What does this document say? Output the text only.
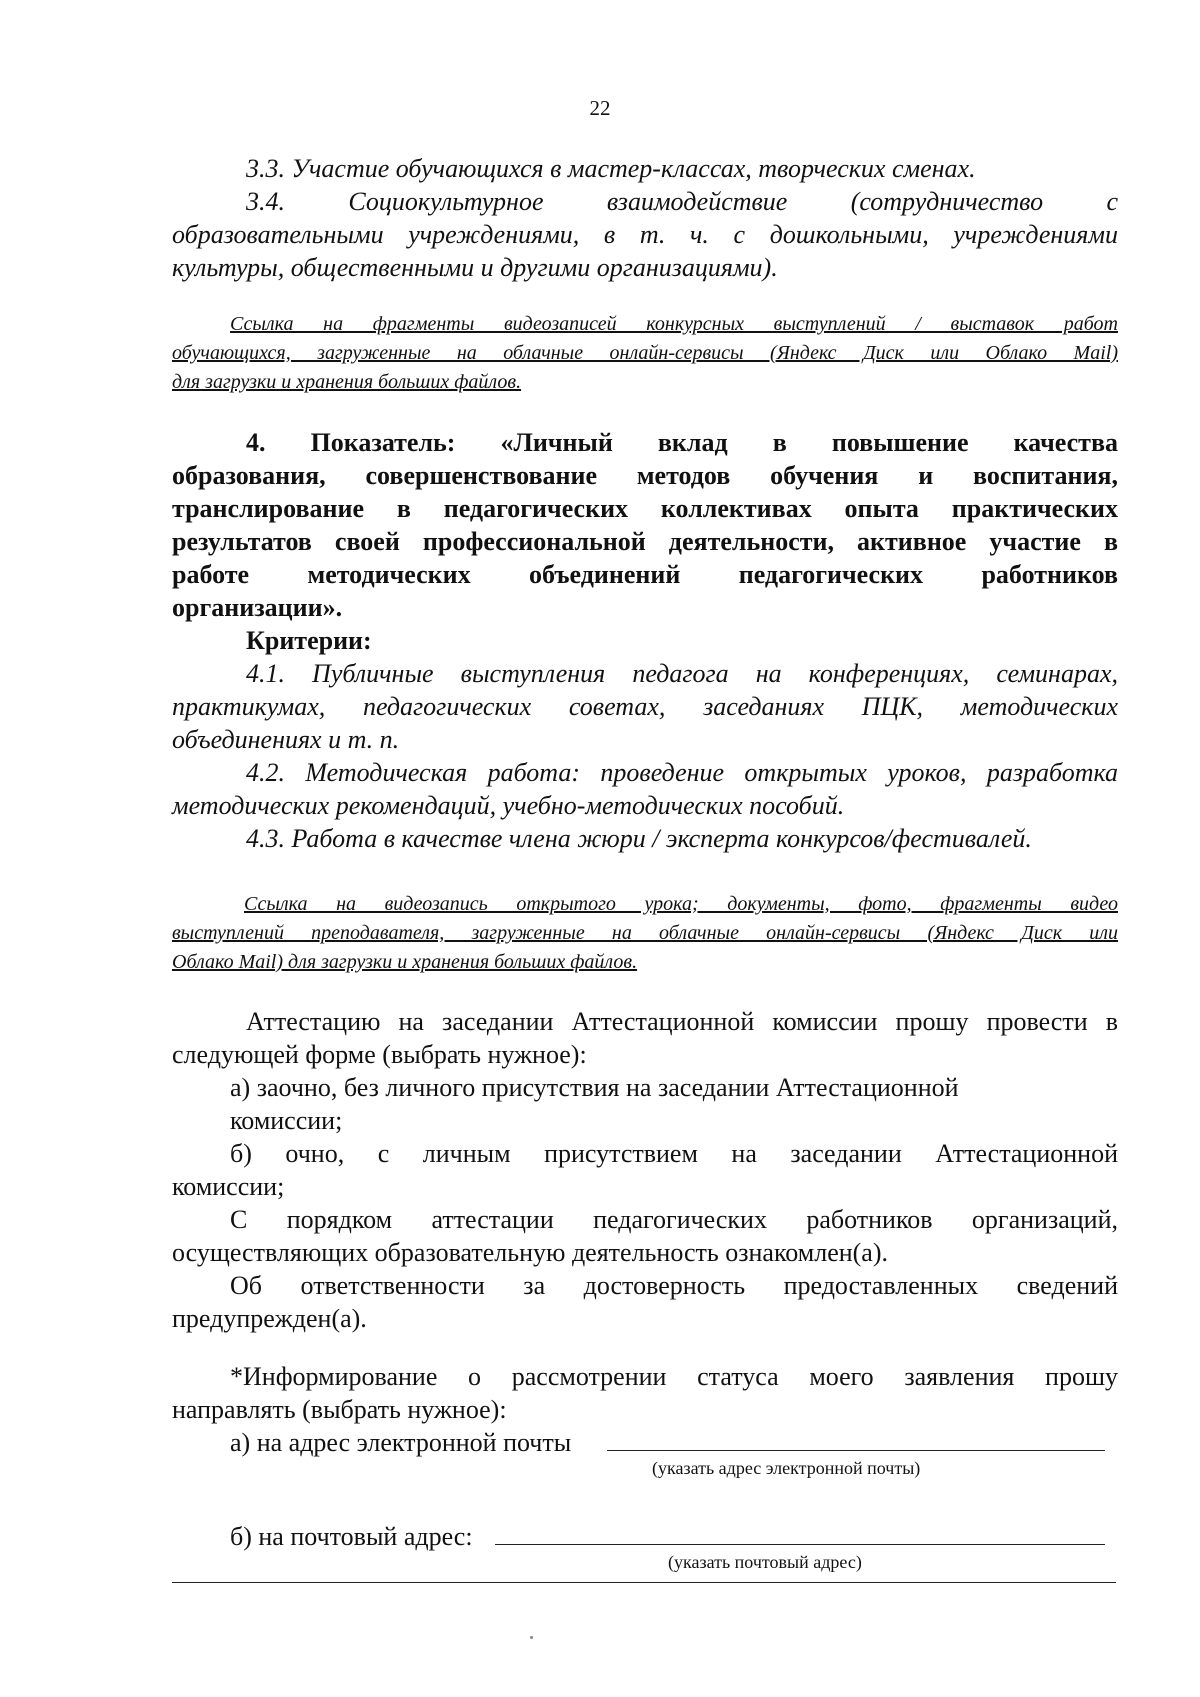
22
3.3. Участие обучающихся в мастер-классах, творческих сменах.
3.4. Социокультурное взаимодействие (сотрудничество с
образовательными учреждениями, в т. ч. с дошкольными, учреждениями
культуры, общественными и другими организациями).
Ссылка на фрагменты видеозаписей конкурсных выступлений / выставок работ
обучающихся, загруженные на облачные онлайн-сервисы (Яндекс Диск или Облако Mail)
для загрузки и хранения больших файлов.
4. Показатель: «Личный вклад в повышение качества
образования, совершенствование методов обучения и воспитания,
транслирование в педагогических коллективах опыта практических
результатов своей профессиональной деятельности, активное участие в
работе методических объединений педагогических работников
организации».
Критерии:
4.1. Публичные выступления педагога на конференциях, семинарах,
практикумах, педагогических советах, заседаниях ПЦК, методических
объединениях и т. п.
4.2. Методическая работа: проведение открытых уроков, разработка
методических рекомендаций, учебно-методических пособий.
4.3. Работа в качестве члена жюри / эксперта конкурсов/фестивалей.
Ссылка на видеозапись открытого урока; документы, фото, фрагменты видео
выступлений преподавателя, загруженные на облачные онлайн-сервисы (Яндекс Диск или
Облако Mail) для загрузки и хранения больших файлов.
Аттестацию на заседании Аттестационной комиссии прошу провести в
следующей форме (выбрать нужное):
а) заочно, без личного присутствия на заседании Аттестационной
комиссии;
б) очно, с личным присутствием на заседании Аттестационной
комиссии;
С порядком аттестации педагогических работников организаций,
осуществляющих образовательную деятельность ознакомлен(а).
Об ответственности за достоверность предоставленных сведений
предупрежден(а).
*Информирование о рассмотрении статуса моего заявления прошу
направлять (выбрать нужное):
а) на адрес электронной почты
(указать адрес электронной почты)
б) на почтовый адрес:
(указать почтовый адрес)
